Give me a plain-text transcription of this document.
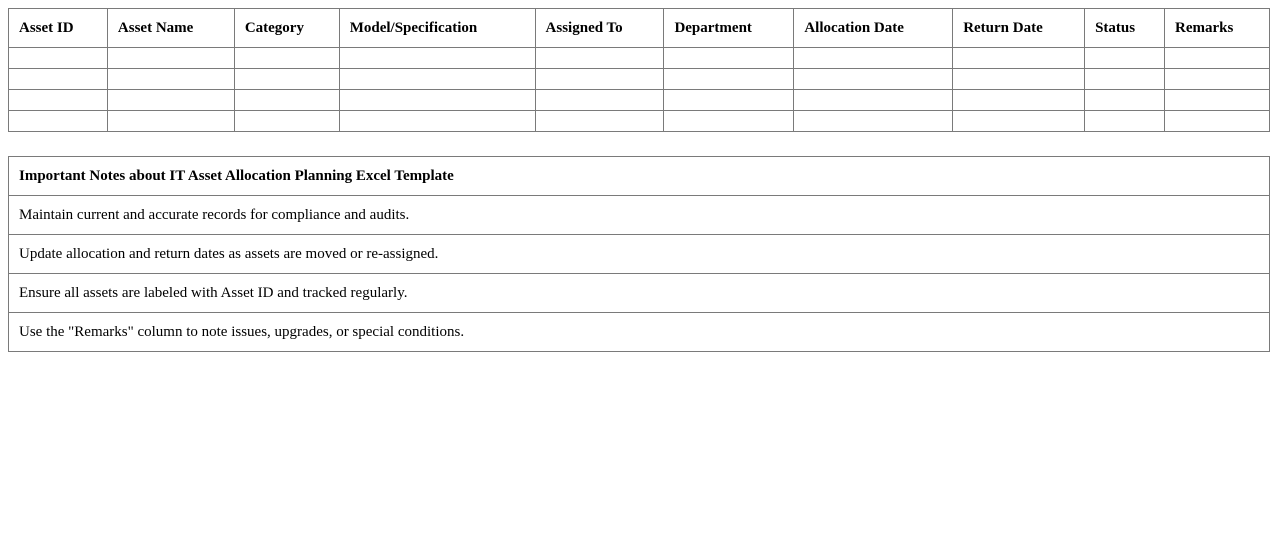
Asset ID	Asset Name	Category	Model/Specification	Assigned To	Department	Allocation Date	Return Date	Status	Remarks

Important Notes about IT Asset Allocation Planning Excel Template
Maintain current and accurate records for compliance and audits.
Update allocation and return dates as assets are moved or re-assigned.
Ensure all assets are labeled with Asset ID and tracked regularly.
Use the "Remarks" column to note issues, upgrades, or special conditions.
